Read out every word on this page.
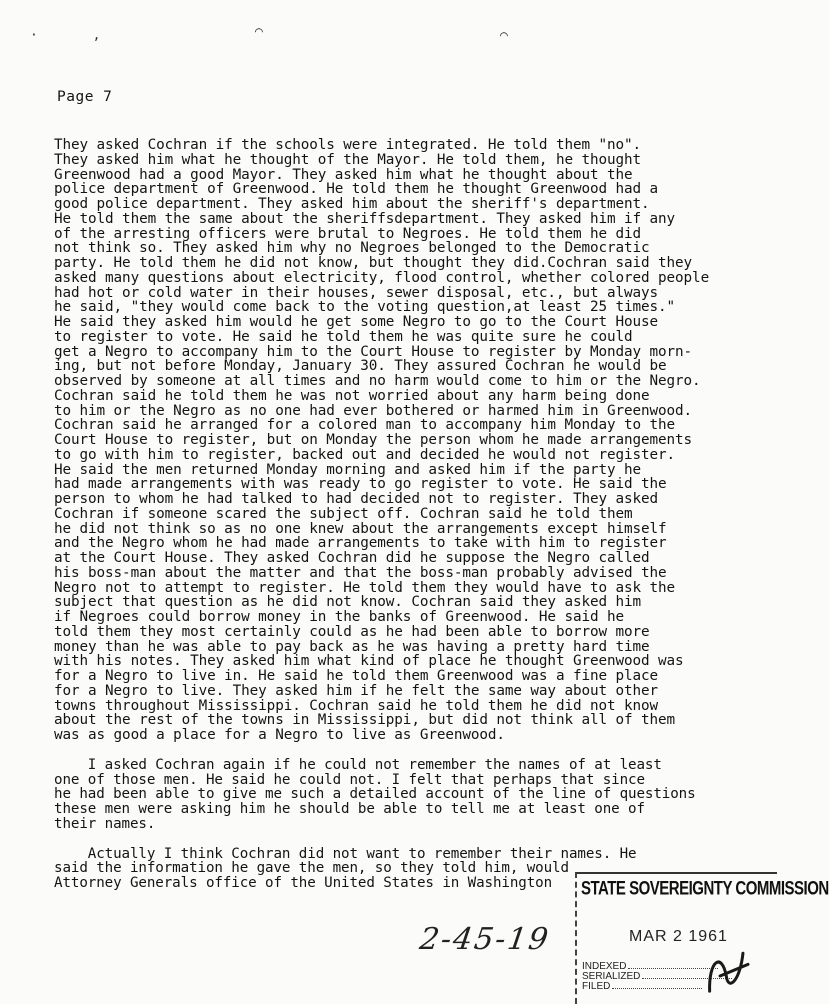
·       ,	⌒	⌒
Page 7
They asked Cochran if the schools were integrated. He told them "no".
They asked him what he thought of the Mayor. He told them, he thought
Greenwood had a good Mayor. They asked him what he thought about the
police department of Greenwood. He told them he thought Greenwood had a
good police department. They asked him about the sheriff's department.
He told them the same about the sheriffsdepartment. They asked him if any
of the arresting officers were brutal to Negroes. He told them he did
not think so. They asked him why no Negroes belonged to the Democratic
party. He told them he did not know, but thought they did.Cochran said they
asked many questions about electricity, flood control, whether colored people
had hot or cold water in their houses, sewer disposal, etc., but always
he said, "they would come back to the voting question,at least 25 times."
He said they asked him would he get some Negro to go to the Court House
to register to vote. He said he told them he was quite sure he could
get a Negro to accompany him to the Court House to register by Monday morn-
ing, but not before Monday, January 30. They assured Cochran he would be
observed by someone at all times and no harm would come to him or the Negro.
Cochran said he told them he was not worried about any harm being done
to him or the Negro as no one had ever bothered or harmed him in Greenwood.
Cochran said he arranged for a colored man to accompany him Monday to the
Court House to register, but on Monday the person whom he made arrangements
to go with him to register, backed out and decided he would not register.
He said the men returned Monday morning and asked him if the party he
had made arrangements with was ready to go register to vote. He said the
person to whom he had talked to had decided not to register. They asked
Cochran if someone scared the subject off. Cochran said he told them
he did not think so as no one knew about the arrangements except himself
and the Negro whom he had made arrangements to take with him to register
at the Court House. They asked Cochran did he suppose the Negro called
his boss-man about the matter and that the boss-man probably advised the
Negro not to attempt to register. He told them they would have to ask the
subject that question as he did not know. Cochran said they asked him
if Negroes could borrow money in the banks of Greenwood. He said he
told them they most certainly could as he had been able to borrow more
money than he was able to pay back as he was having a pretty hard time
with his notes. They asked him what kind of place he thought Greenwood was
for a Negro to live in. He said he told them Greenwood was a fine place
for a Negro to live. They asked him if he felt the same way about other
towns throughout Mississippi. Cochran said he told them he did not know
about the rest of the towns in Mississippi, but did not think all of them
was as good a place for a Negro to live as Greenwood.
I asked Cochran again if he could not remember the names of at least
one of those men. He said he could not. I felt that perhaps that since
he had been able to give me such a detailed account of the line of questions
these men were asking him he should be able to tell me at least one of
their names.
Actually I think Cochran did not want to remember their names. He
said the information he gave the men, so they told him, would
Attorney Generals office of the United States in Washington
2-45-19
STATE SOVEREIGNTY COMMISSION
MAR 2 1961
INDEXED
SERIALIZED
FILED
